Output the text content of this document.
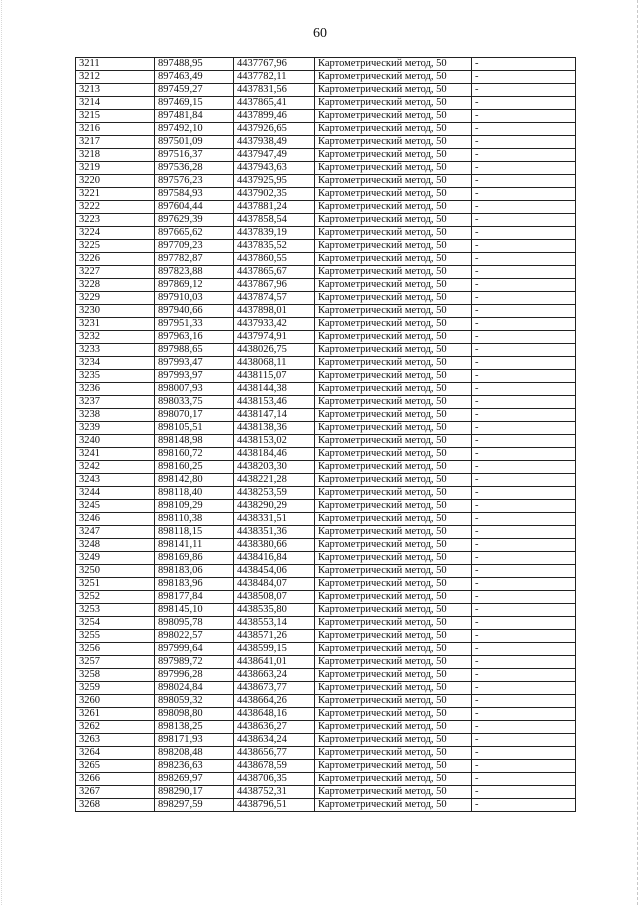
60
3211	897488,95	4437767,96	Картометрический метод, 50	-
3212	897463,49	4437782,11	Картометрический метод, 50	-
3213	897459,27	4437831,56	Картометрический метод, 50	-
3214	897469,15	4437865,41	Картометрический метод, 50	-
3215	897481,84	4437899,46	Картометрический метод, 50	-
3216	897492,10	4437926,65	Картометрический метод, 50	-
3217	897501,09	4437938,49	Картометрический метод, 50	-
3218	897516,37	4437947,49	Картометрический метод, 50	-
3219	897536,28	4437943,63	Картометрический метод, 50	-
3220	897576,23	4437925,95	Картометрический метод, 50	-
3221	897584,93	4437902,35	Картометрический метод, 50	-
3222	897604,44	4437881,24	Картометрический метод, 50	-
3223	897629,39	4437858,54	Картометрический метод, 50	-
3224	897665,62	4437839,19	Картометрический метод, 50	-
3225	897709,23	4437835,52	Картометрический метод, 50	-
3226	897782,87	4437860,55	Картометрический метод, 50	-
3227	897823,88	4437865,67	Картометрический метод, 50	-
3228	897869,12	4437867,96	Картометрический метод, 50	-
3229	897910,03	4437874,57	Картометрический метод, 50	-
3230	897940,66	4437898,01	Картометрический метод, 50	-
3231	897951,33	4437933,42	Картометрический метод, 50	-
3232	897963,16	4437974,91	Картометрический метод, 50	-
3233	897988,65	4438026,75	Картометрический метод, 50	-
3234	897993,47	4438068,11	Картометрический метод, 50	-
3235	897993,97	4438115,07	Картометрический метод, 50	-
3236	898007,93	4438144,38	Картометрический метод, 50	-
3237	898033,75	4438153,46	Картометрический метод, 50	-
3238	898070,17	4438147,14	Картометрический метод, 50	-
3239	898105,51	4438138,36	Картометрический метод, 50	-
3240	898148,98	4438153,02	Картометрический метод, 50	-
3241	898160,72	4438184,46	Картометрический метод, 50	-
3242	898160,25	4438203,30	Картометрический метод, 50	-
3243	898142,80	4438221,28	Картометрический метод, 50	-
3244	898118,40	4438253,59	Картометрический метод, 50	-
3245	898109,29	4438290,29	Картометрический метод, 50	-
3246	898110,38	4438331,51	Картометрический метод, 50	-
3247	898118,15	4438351,36	Картометрический метод, 50	-
3248	898141,11	4438380,66	Картометрический метод, 50	-
3249	898169,86	4438416,84	Картометрический метод, 50	-
3250	898183,06	4438454,06	Картометрический метод, 50	-
3251	898183,96	4438484,07	Картометрический метод, 50	-
3252	898177,84	4438508,07	Картометрический метод, 50	-
3253	898145,10	4438535,80	Картометрический метод, 50	-
3254	898095,78	4438553,14	Картометрический метод, 50	-
3255	898022,57	4438571,26	Картометрический метод, 50	-
3256	897999,64	4438599,15	Картометрический метод, 50	-
3257	897989,72	4438641,01	Картометрический метод, 50	-
3258	897996,28	4438663,24	Картометрический метод, 50	-
3259	898024,84	4438673,77	Картометрический метод, 50	-
3260	898059,32	4438664,26	Картометрический метод, 50	-
3261	898098,80	4438648,16	Картометрический метод, 50	-
3262	898138,25	4438636,27	Картометрический метод, 50	-
3263	898171,93	4438634,24	Картометрический метод, 50	-
3264	898208,48	4438656,77	Картометрический метод, 50	-
3265	898236,63	4438678,59	Картометрический метод, 50	-
3266	898269,97	4438706,35	Картометрический метод, 50	-
3267	898290,17	4438752,31	Картометрический метод, 50	-
3268	898297,59	4438796,51	Картометрический метод, 50	-
